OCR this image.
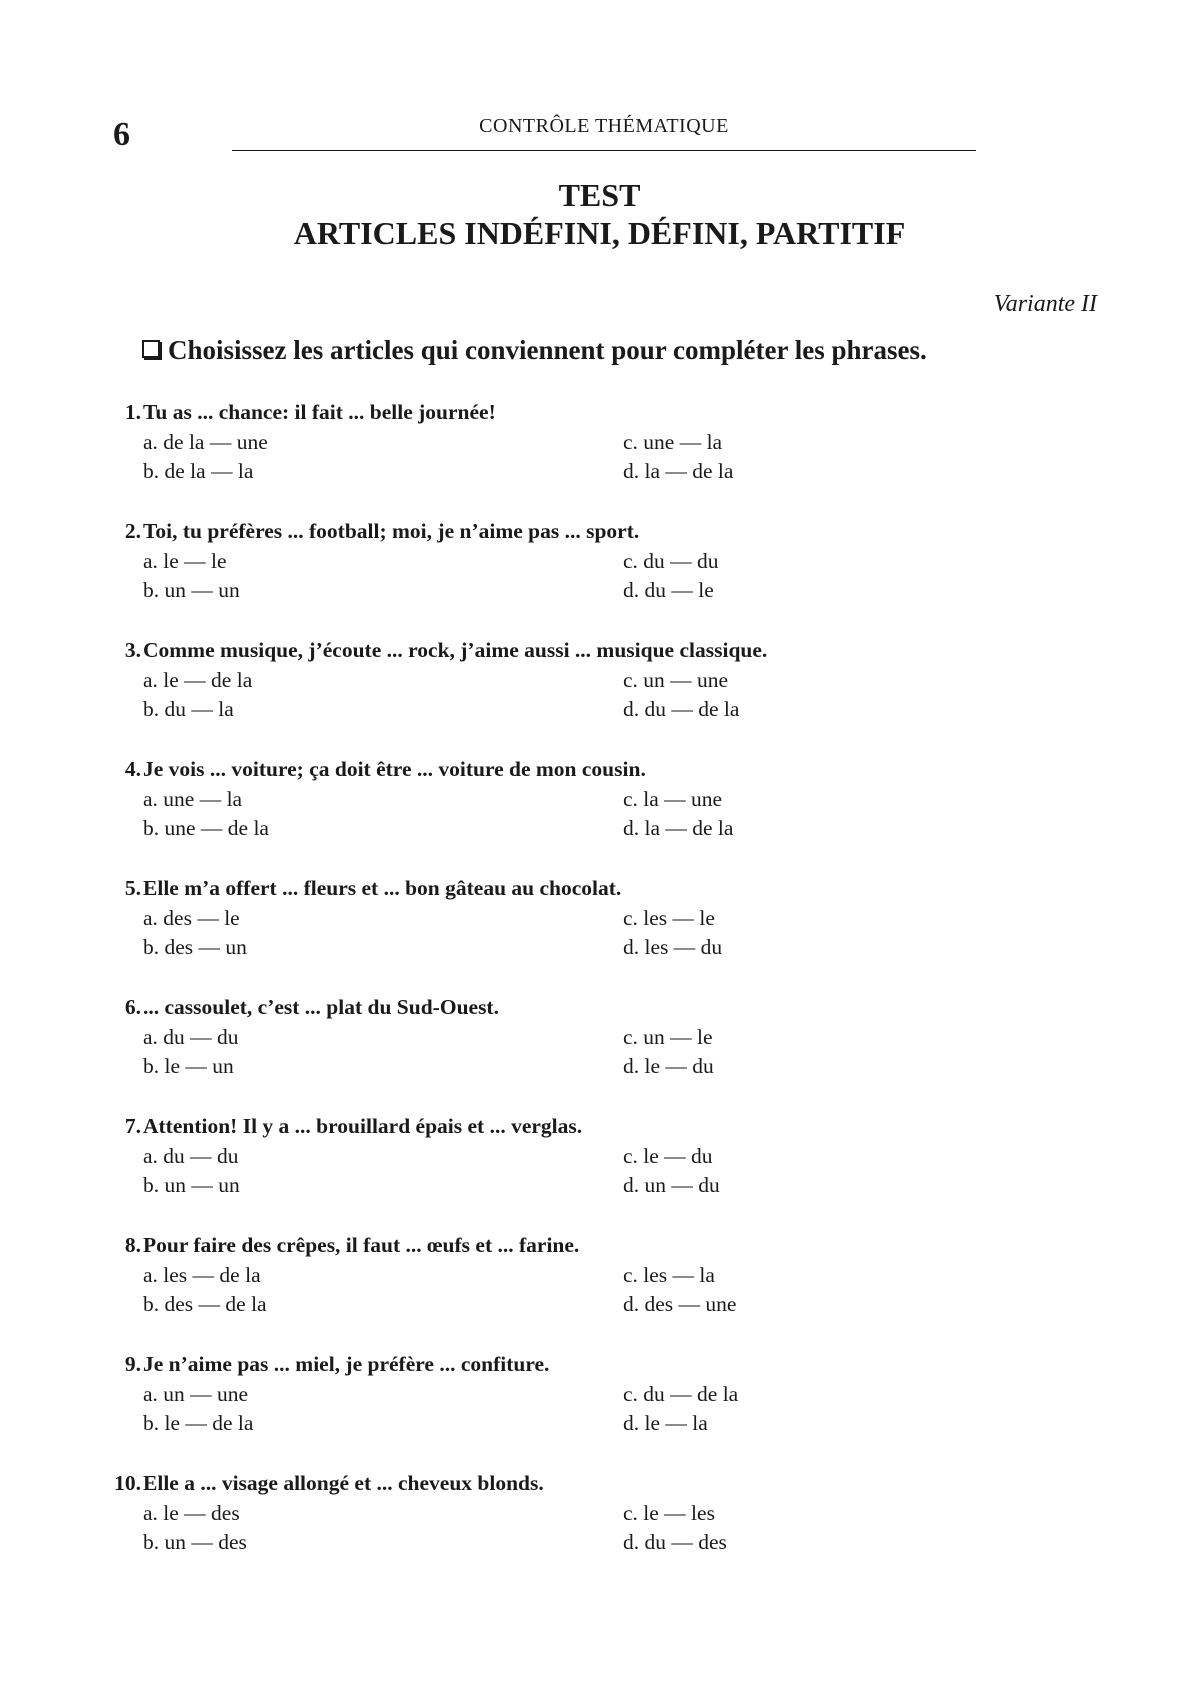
6	CONTRÔLE THÉMATIQUE
TEST
ARTICLES INDÉFINI, DÉFINI, PARTITIF
Variante II
Choisissez les articles qui conviennent pour compléter les phrases.
1. Tu as ... chance: il fait ... belle journée!
a. de la — une
b. de la — la
c. une — la
d. la — de la
2. Toi, tu préfères ... football; moi, je n’aime pas ... sport.
a. le — le
b. un — un
c. du — du
d. du — le
3. Comme musique, j’écoute ... rock, j’aime aussi ... musique classique.
a. le — de la
b. du — la
c. un — une
d. du — de la
4. Je vois ... voiture; ça doit être ... voiture de mon cousin.
a. une — la
b. une — de la
c. la — une
d. la — de la
5. Elle m’a offert ... fleurs et ... bon gâteau au chocolat.
a. des — le
b. des — un
c. les — le
d. les — du
6. ... cassoulet, c’est ... plat du Sud-Ouest.
a. du — du
b. le — un
c. un — le
d. le — du
7. Attention! Il y a ... brouillard épais et ... verglas.
a. du — du
b. un — un
c. le — du
d. un — du
8. Pour faire des crêpes, il faut ... œufs et ... farine.
a. les — de la
b. des — de la
c. les — la
d. des — une
9. Je n’aime pas ... miel, je préfère ... confiture.
a. un — une
b. le — de la
c. du — de la
d. le — la
10. Elle a ... visage allongé et ... cheveux blonds.
a. le — des
b. un — des
c. le — les
d. du — des
